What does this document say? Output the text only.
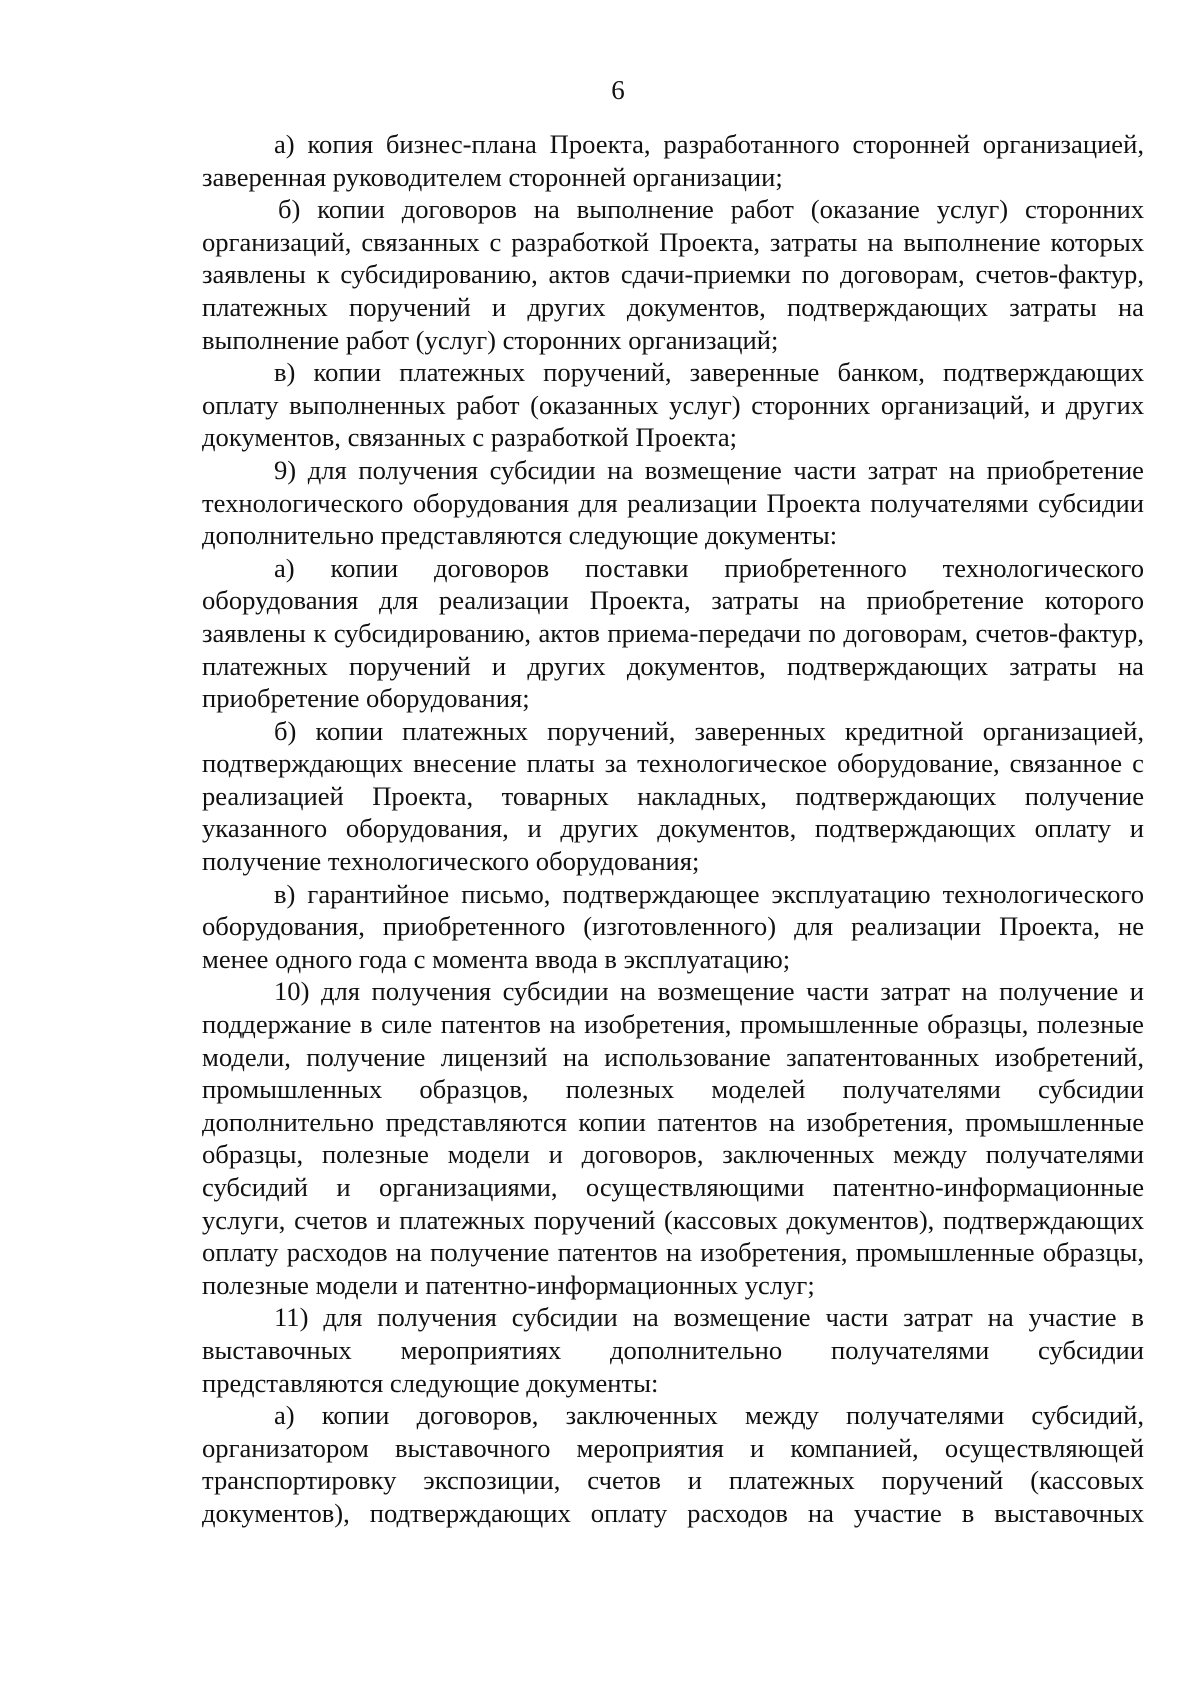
6

а) копия бизнес-плана Проекта, разработанного сторонней организацией, заверенная руководителем сторонней организации;

б) копии договоров на выполнение работ (оказание услуг) сторонних организаций, связанных с разработкой Проекта, затраты на выполнение которых заявлены к субсидированию, актов сдачи-приемки по договорам, счетов-фактур, платежных поручений и других документов, подтверждающих затраты на выполнение работ (услуг) сторонних организаций;

в) копии платежных поручений, заверенные банком, подтверждающих оплату выполненных работ (оказанных услуг) сторонних организаций, и других документов, связанных с разработкой Проекта;

9) для получения субсидии на возмещение части затрат на приобретение технологического оборудования для реализации Проекта получателями субсидии дополнительно представляются следующие документы:

а) копии договоров поставки приобретенного технологического оборудования для реализации Проекта, затраты на приобретение которого заявлены к субсидированию, актов приема-передачи по договорам, счетов-фактур, платежных поручений и других документов, подтверждающих затраты на приобретение оборудования;

б) копии платежных поручений, заверенных кредитной организацией, подтверждающих внесение платы за технологическое оборудование, связанное с реализацией Проекта, товарных накладных, подтверждающих получение указанного оборудования, и других документов, подтверждающих оплату и получение технологического оборудования;

в) гарантийное письмо, подтверждающее эксплуатацию технологического оборудования, приобретенного (изготовленного) для реализации Проекта, не менее одного года с момента ввода в эксплуатацию;

10) для получения субсидии на возмещение части затрат на получение и поддержание в силе патентов на изобретения, промышленные образцы, полезные модели, получение лицензий на использование запатентованных изобретений, промышленных образцов, полезных моделей получателями субсидии дополнительно представляются копии патентов на изобретения, промышленные образцы, полезные модели и договоров, заключенных между получателями субсидий и организациями, осуществляющими патентно-информационные услуги, счетов и платежных поручений (кассовых документов), подтверждающих оплату расходов на получение патентов на изобретения, промышленные образцы, полезные модели и патентно-информационных услуг;

11) для получения субсидии на возмещение части затрат на участие в выставочных мероприятиях дополнительно получателями субсидии представляются следующие документы:

а) копии договоров, заключенных между получателями субсидий, организатором выставочного мероприятия и компанией, осуществляющей транспортировку экспозиции, счетов и платежных поручений (кассовых документов), подтверждающих оплату расходов на участие в выставочных
